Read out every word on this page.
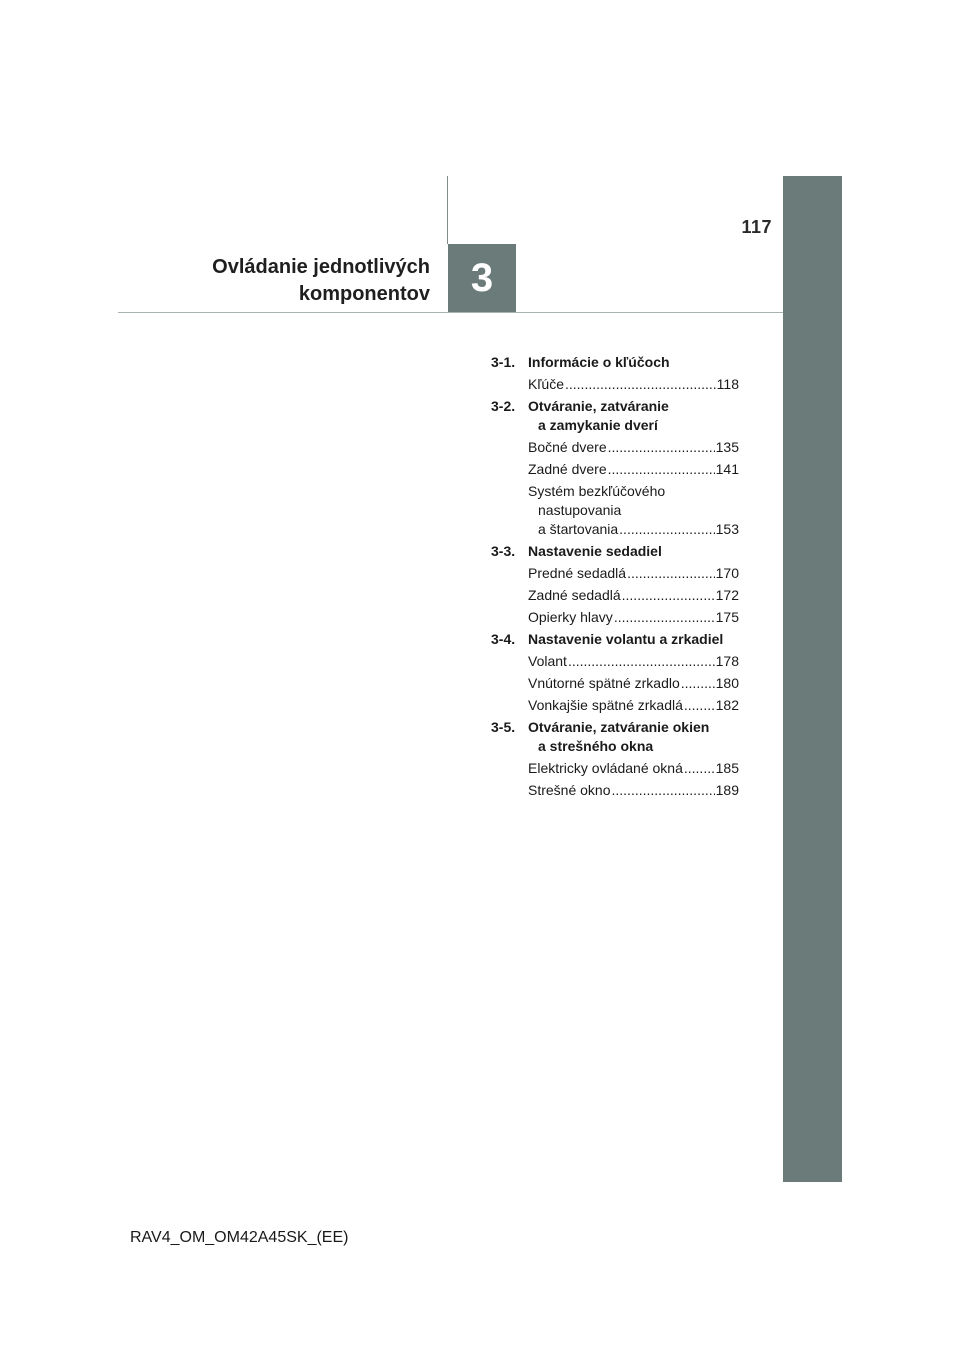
117
Ovládanie jednotlivých
komponentov	3
3-1. Informácie o kľúčoch
Kľúče .....	118
3-2. Otváranie, zatváranie
a zamykanie dverí
Bočné dvere .....	135
Zadné dvere .....	141
Systém bezkľúčového
nastupovania
a štartovania .....	153
3-3. Nastavenie sedadiel
Predné sedadlá .....	170
Zadné sedadlá .....	172
Opierky hlavy .....	175
3-4. Nastavenie volantu a zrkadiel
Volant .....	178
Vnútorné spätné zrkadlo .....	180
Vonkajšie spätné zrkadlá ..... 182
3-5. Otváranie, zatváranie okien
a strešného okna
Elektricky ovládané okná ..... 185
Strešné okno .....	189
RAV4_OM_OM42A45SK_(EE)
